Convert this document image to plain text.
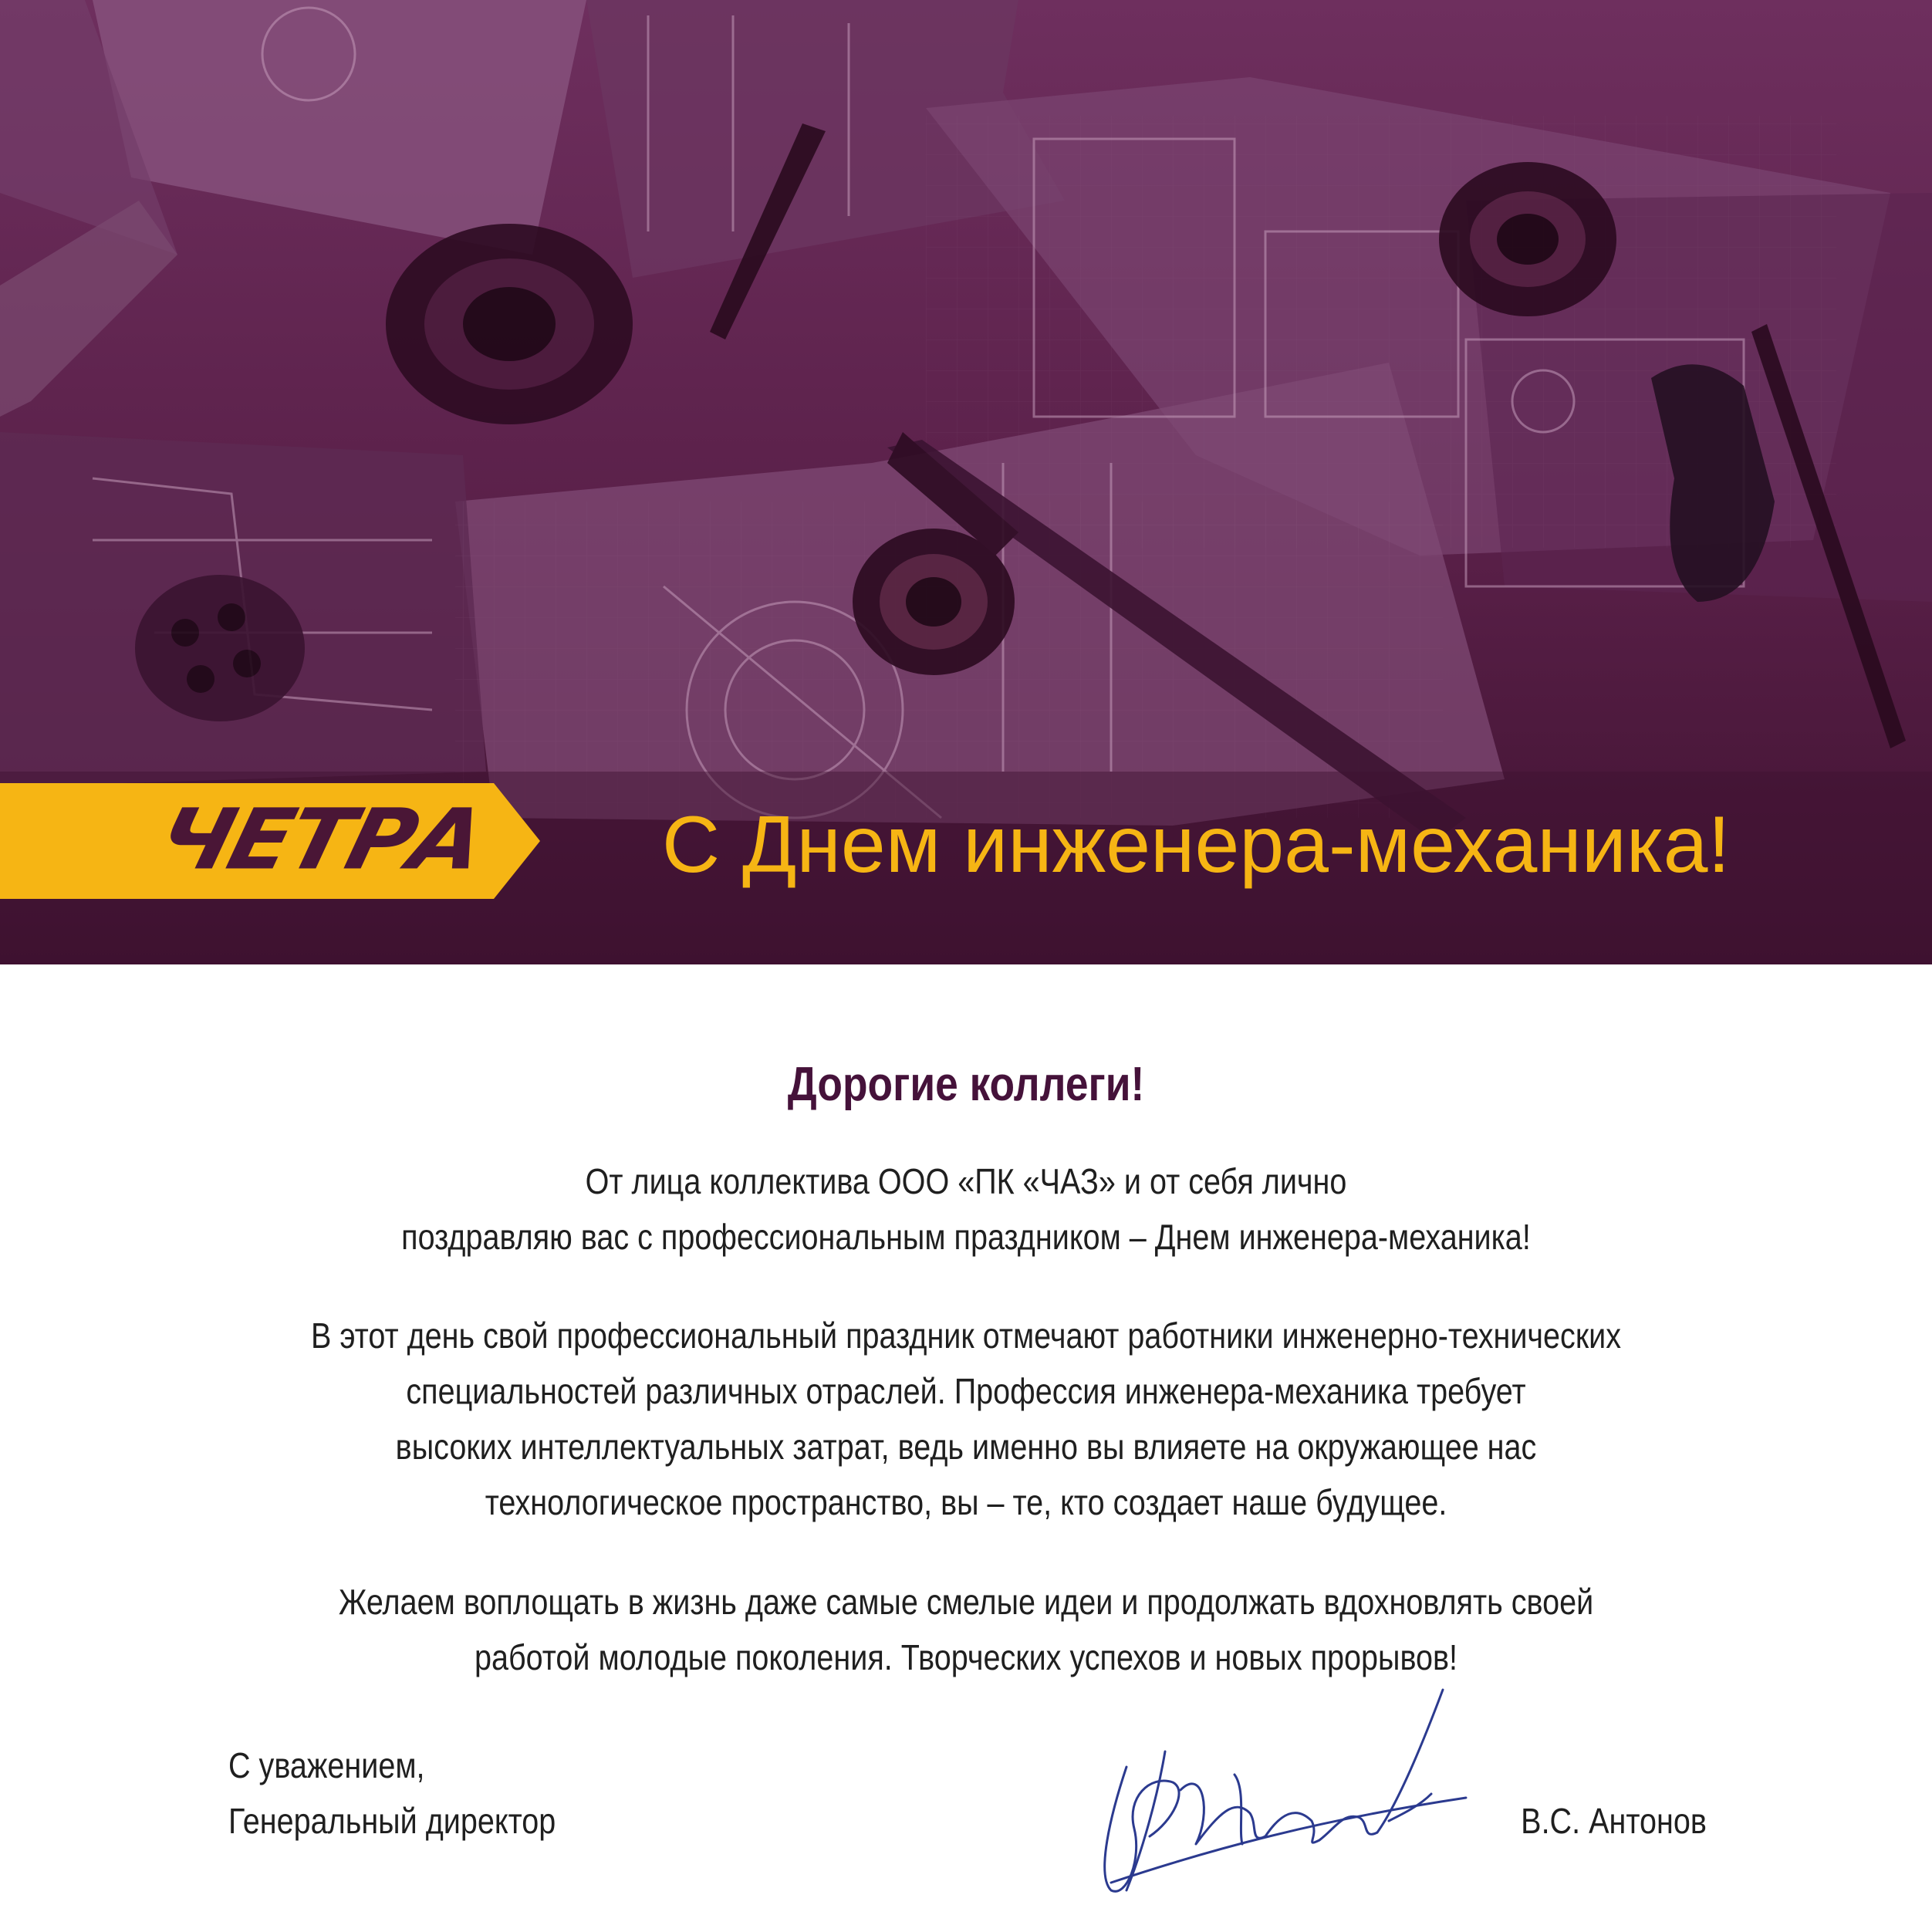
ЧЕТРА С Днем инженера-механика!
Дорогие коллеги!
От лица коллектива ООО «ПК «ЧАЗ» и от себя лично
поздравляю вас с профессиональным праздником – Днем инженера-механика!
В этот день свой профессиональный праздник отмечают работники инженерно-технических
специальностей различных отраслей. Профессия инженера-механика требует
высоких интеллектуальных затрат, ведь именно вы влияете на окружающее нас
технологическое пространство, вы – те, кто создает наше будущее.
Желаем воплощать в жизнь даже самые смелые идеи и продолжать вдохновлять своей
работой молодые поколения. Творческих успехов и новых прорывов!
С уважением,
Генеральный директор	В.С. Антонов
